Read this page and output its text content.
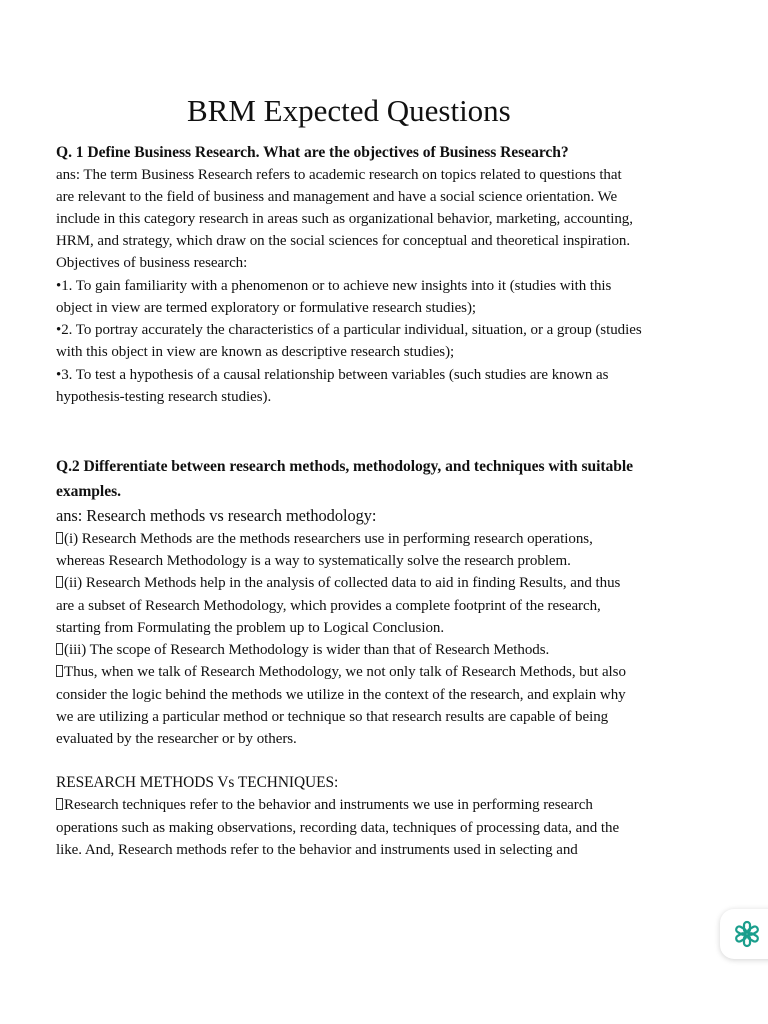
BRM Expected Questions
Q. 1 Define Business Research. What are the objectives of Business Research?
ans: The term Business Research refers to academic research on topics related to questions that
are relevant to the field of business and management and have a social science orientation. We
include in this category research in areas such as organizational behavior, marketing, accounting,
HRM, and strategy, which draw on the social sciences for conceptual and theoretical inspiration.
Objectives of business research:
•1. To gain familiarity with a phenomenon or to achieve new insights into it (studies with this
object in view are termed exploratory or formulative research studies);
•2. To portray accurately the characteristics of a particular individual, situation, or a group (studies
with this object in view are known as descriptive research studies);
•3. To test a hypothesis of a causal relationship between variables (such studies are known as
hypothesis-testing research studies).
Q.2 Differentiate between research methods, methodology, and techniques with suitable
examples.
ans: Research methods vs research methodology:
(i) Research Methods are the methods researchers use in performing research operations,
whereas Research Methodology is a way to systematically solve the research problem.
(ii) Research Methods help in the analysis of collected data to aid in finding Results, and thus
are a subset of Research Methodology, which provides a complete footprint of the research,
starting from Formulating the problem up to Logical Conclusion.
(iii) The scope of Research Methodology is wider than that of Research Methods.
Thus, when we talk of Research Methodology, we not only talk of Research Methods, but also
consider the logic behind the methods we utilize in the context of the research, and explain why
we are utilizing a particular method or technique so that research results are capable of being
evaluated by the researcher or by others.
RESEARCH METHODS Vs TECHNIQUES:
Research techniques refer to the behavior and instruments we use in performing research
operations such as making observations, recording data, techniques of processing data, and the
like. And, Research methods refer to the behavior and instruments used in selecting and
